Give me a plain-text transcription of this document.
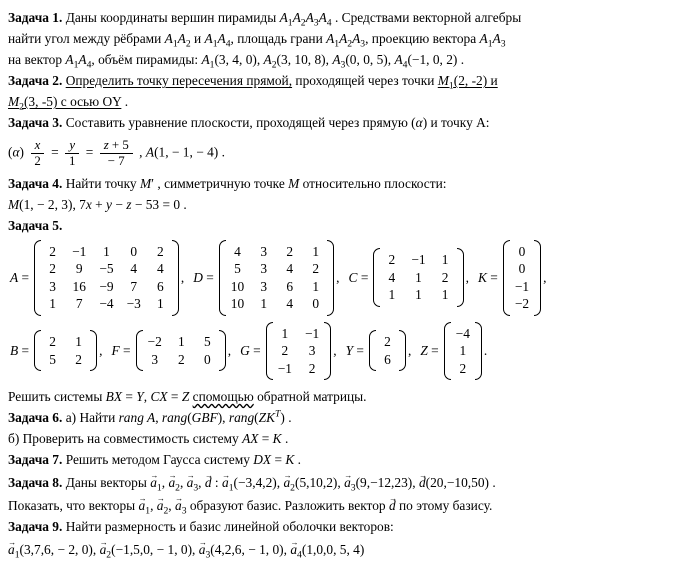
Задача 1. Даны координаты вершин пирамиды $A_1A_2A_3A_4$ . Средствами векторной алгебры
найти угол между рёбрами $A_1A_2$ и $A_1A_4$, площадь грани $A_1A_2A_3$, проекцию вектора $A_1A_3$
на вектор $A_1A_4$, объём пирамиды: $A_1(3$, 4, 0), $A_2(3$, 10, 8), $A_3(0$, 0, 5), $A_4(-1$, 0, 2) .
Задача 2. Определить точку пересечения прямой, проходящей через точки $M_1(2$, -2) и
$M_2(3$, -5) с осью OY .
Задача 3. Составить уравнение плоскости, проходящей через прямую (α) и точку А:
$(\alpha) \frac{x}{2} = \frac{y}{1} = \frac{z + 5}{- 7}$ , A(1, − 1, − 4) .
Задача 4. Найти точку M′ , симметричную точке M относительно плоскости:
M(1, − 2, 3), 7x + y − z − 53 = 0 .
Задача 5.
A =
2 −1 1 0 2
2 9 −5 4 4
3 16 −9 7 6
1 7 −4 −3 1
, D =
4 3 2 1
5 3 4 2
10 3 6 1
10 1 4 0
, C =
2 −1 1
4 1 2
1 1 1
, K =
0
0
−1
−2
,
B =
2 1
5 2
, F =
−2 1 5
3 2 0
, G =
1 −1
2 3
−1 2
, Y =
2
6
, Z =
−4
1
2
.
Решить системы BX = Y, CX = Z спомощью обратной матрицы.
Задача 6. а) Найти rang A, rang(GBF), $rang(ZK^T)$ .
б) Проверить на совместимость систему AX = K .
Задача 7. Решить методом Гаусса систему DX = K .
Задача 8. Даны векторы → $a_1$, → $a_2$, → $a_3$, → d : → $a_1(-3,4,2)$, → $a_2(5,10,2)$, → $a_3(9,-12,23)$, → d(20,−10,50) .
Показать, что векторы → $a_1$, → $a_2$, → $a_3$ образуют базис. Разложить вектор → d по этому базису.
Задача 9. Найти размерность и базис линейной оболочки векторов:
→ $a_1(3,7,6$, − 2, 0), → $a_2(-1,5,0$, − 1, 0), → $a_3(4,2,6$, − 1, 0), → $a_4(1,0,0$, 5, 4)
